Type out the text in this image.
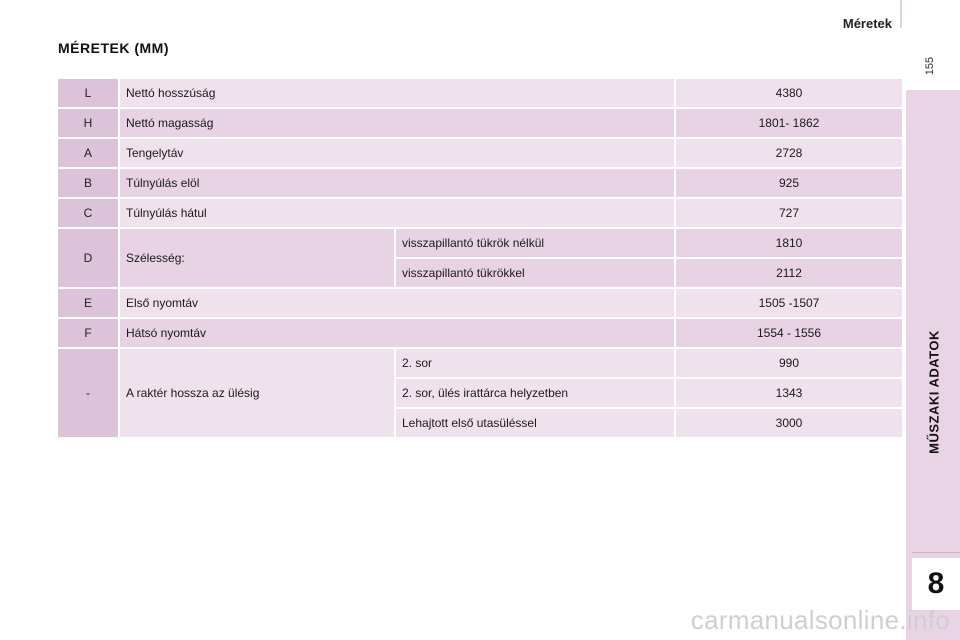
Méretek
155
MÉRETEK (MM)
MŰSZAKI ADATOK
8
L	Nettó hosszúság		4380
H	Nettó magasság		1801- 1862
A	Tengelytáv		2728
B	Túlnyúlás elöl		925
C	Túlnyúlás hátul		727
D	Szélesség:	visszapillantó tükrök nélkül	1810
		visszapillantó tükrökkel	2112
E	Első nyomtáv		1505 -1507
F	Hátsó nyomtáv		1554 - 1556
-	A raktér hossza az ülésig	2. sor	990
		2. sor, ülés irattárca helyzetben	1343
		Lehajtott első utasüléssel	3000
carmanualsonline.info
